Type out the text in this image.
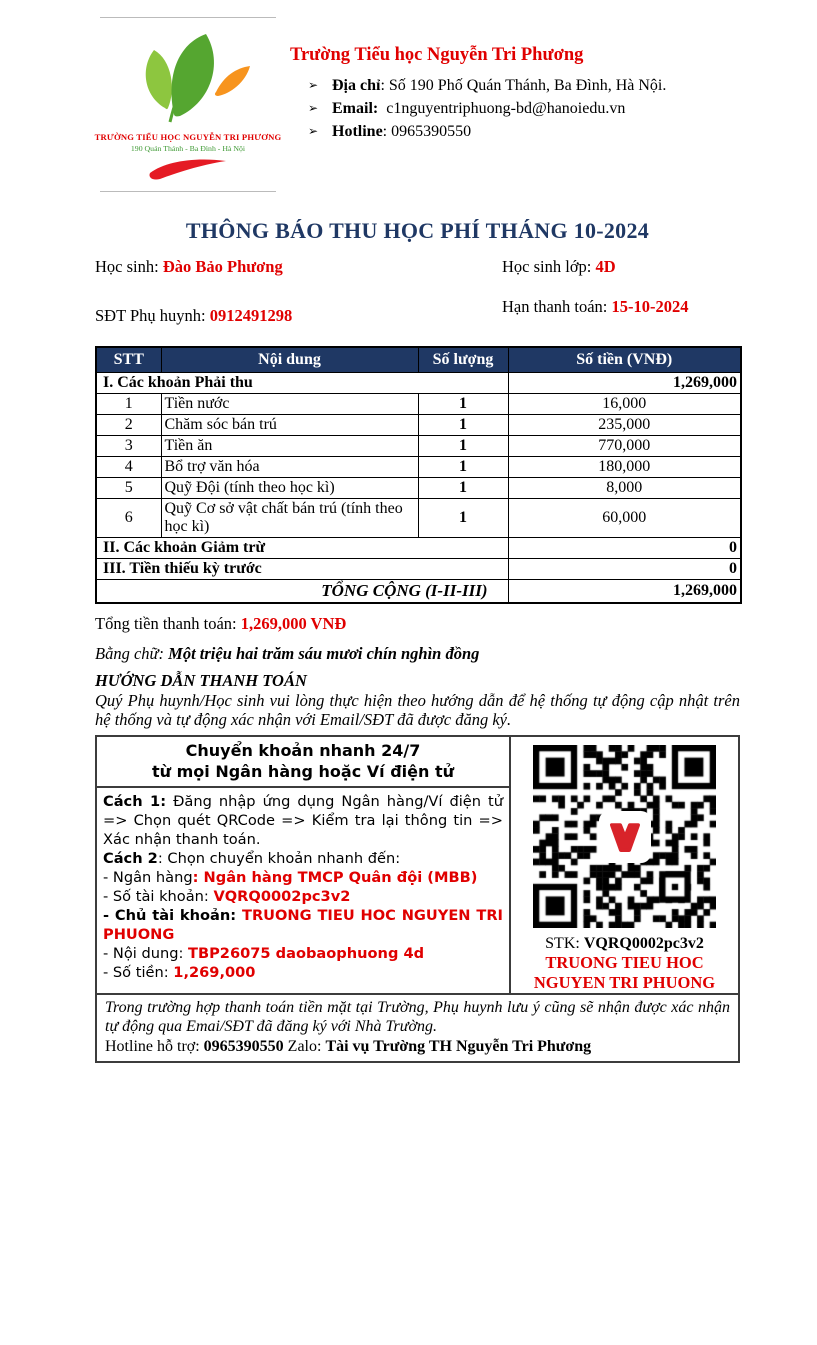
TRƯỜNG TIỂU HỌC NGUYỄN TRI PHƯƠNG
190 Quán Thánh - Ba Đình - Hà Nội
Trường Tiểu học Nguyễn Tri Phương
➢ Địa chỉ: Số 190 Phố Quán Thánh, Ba Đình, Hà Nội.
➢ Email: c1nguyentriphuong-bd@hanoiedu.vn
➢ Hotline: 0965390550
THÔNG BÁO THU HỌC PHÍ THÁNG 10-2024
Học sinh: Đào Bảo Phương	Học sinh lớp: 4D
SĐT Phụ huynh: 0912491298	Hạn thanh toán: 15-10-2024
STT	Nội dung	Số lượng	Số tiền (VNĐ)
I. Các khoản Phải thu			1,269,000
1	Tiền nước	1	16,000
2	Chăm sóc bán trú	1	235,000
3	Tiền ăn	1	770,000
4	Bổ trợ văn hóa	1	180,000
5	Quỹ Đội (tính theo học kì)	1	8,000
6	Quỹ Cơ sở vật chất bán trú (tính theo học kì)	1	60,000
II. Các khoản Giảm trừ			0
III. Tiền thiếu kỳ trước			0
TỔNG CỘNG (I-II-III)			1,269,000
Tổng tiền thanh toán: 1,269,000 VNĐ
Bằng chữ: Một triệu hai trăm sáu mươi chín nghìn đồng
HƯỚNG DẪN THANH TOÁN
Quý Phụ huynh/Học sinh vui lòng thực hiện theo hướng dẫn để hệ thống tự động cập nhật trên hệ thống và tự động xác nhận với Email/SĐT đã được đăng ký.
Chuyển khoản nhanh 24/7
từ mọi Ngân hàng hoặc Ví điện tử

Cách 1: Đăng nhập ứng dụng Ngân hàng/Ví điện tử => Chọn quét QRCode => Kiểm tra lại thông tin => Xác nhận thanh toán.

Cách 2: Chọn chuyển khoản nhanh đến:

- Ngân hàng: Ngân hàng TMCP Quân đội (MBB)

- Số tài khoản: VQRQ0002pc3v2

- Chủ tài khoản: TRUONG TIEU HOC NGUYEN TRI PHUONG

- Nội dung: TBP26075 daobaophuong 4d

- Số tiền: 1,269,000

STK: VQRQ0002pc3v2
TRUONG TIEU HOC
NGUYEN TRI PHUONG
Trong trường hợp thanh toán tiền mặt tại Trường, Phụ huynh lưu ý cũng sẽ nhận được xác nhận tự động qua Emai/SĐT đã đăng ký với Nhà Trường.
Hotline hỗ trợ: 0965390550 Zalo: Tài vụ Trường TH Nguyễn Tri Phương
